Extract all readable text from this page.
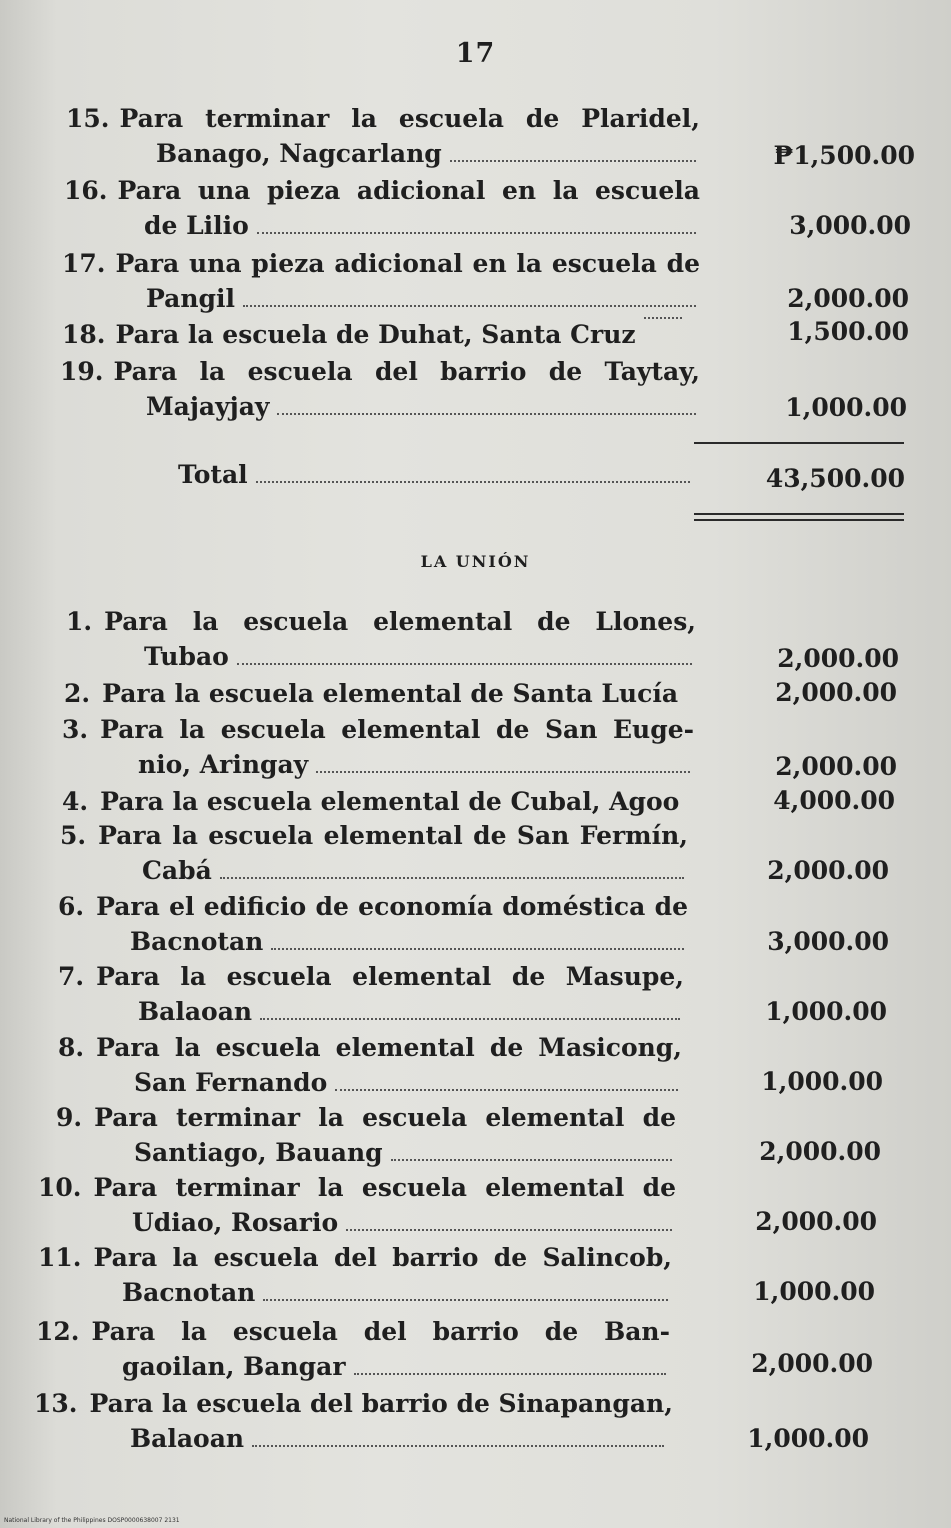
17
15. Para terminar la escuela de Plaridel,
Banago, Nagcarlang	₱1,500.00
16. Para una pieza adicional en la escuela
de Lilio	3,000.00
17. Para una pieza adicional en la escuela de
Pangil	2,000.00
18. Para la escuela de Duhat, Santa Cruz	1,500.00
19. Para la escuela del barrio de Taytay,
Majayjay	1,000.00
Total	43,500.00
LA UNIÓN
1. Para la escuela elemental de Llones,
Tubao	2,000.00
2. Para la escuela elemental de Santa Lucía	2,000.00
3. Para la escuela elemental de San Euge-
nio, Aringay	2,000.00
4. Para la escuela elemental de Cubal, Agoo	4,000.00
5. Para la escuela elemental de San Fermín,
Cabá	2,000.00
6. Para el edificio de economía doméstica de
Bacnotan	3,000.00
7. Para la escuela elemental de Masupe,
Balaoan	1,000.00
8. Para la escuela elemental de Masicong,
San Fernando	1,000.00
9. Para terminar la escuela elemental de
Santiago, Bauang	2,000.00
10. Para terminar la escuela elemental de
Udiao, Rosario	2,000.00
11. Para la escuela del barrio de Salincob,
Bacnotan	1,000.00
12. Para la escuela del barrio de Ban-
gaoilan, Bangar	2,000.00
13. Para la escuela del barrio de Sinapangan,
Balaoan	1,000.00
National Library of the Philippines DOSP0000638007 2131
